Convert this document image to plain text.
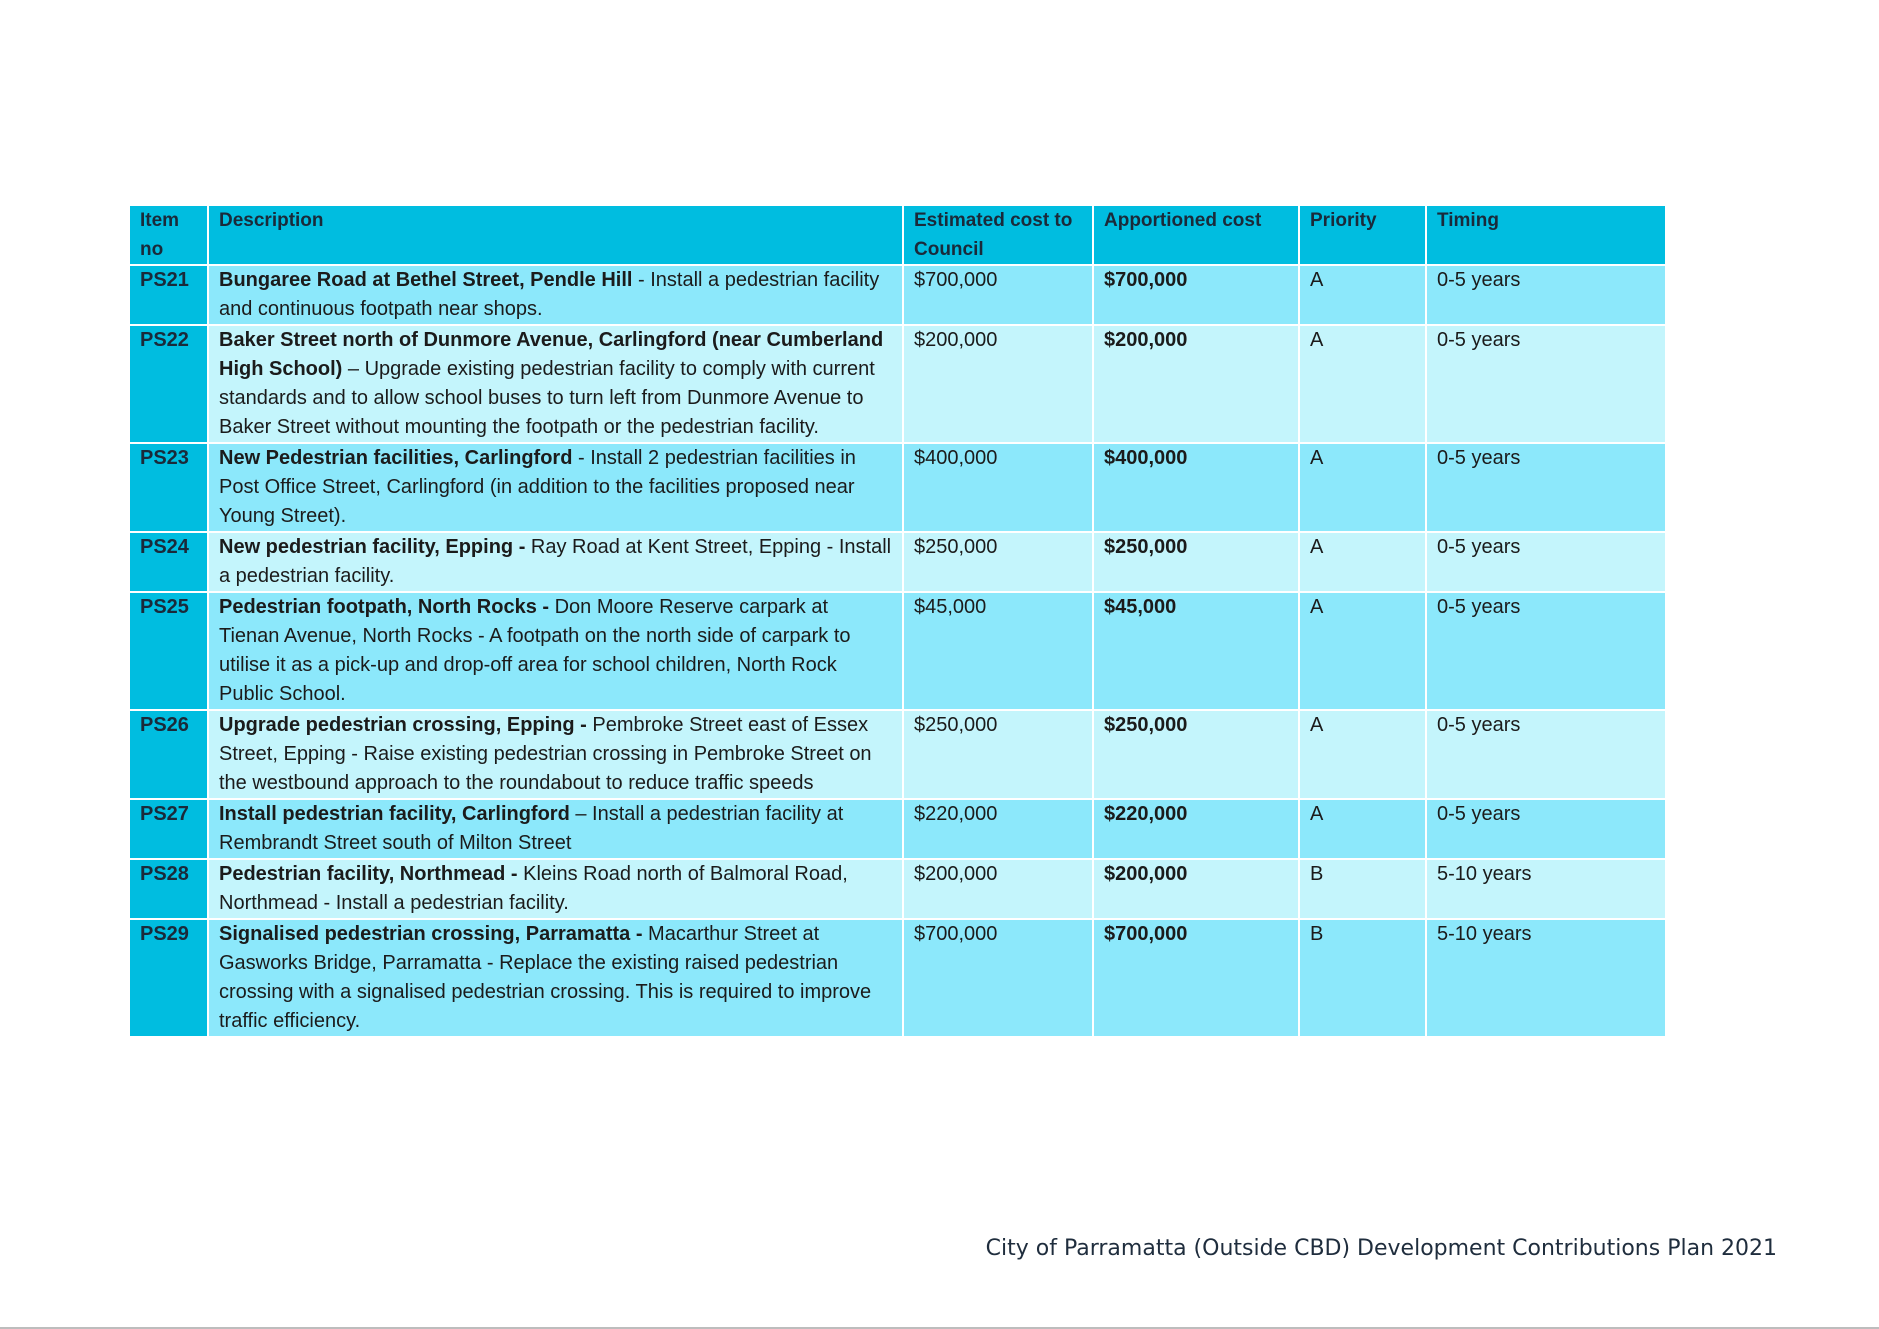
Item no	Description	Estimated cost to Council	Apportioned cost	Priority	Timing
PS21	Bungaree Road at Bethel Street, Pendle Hill - Install a pedestrian facility and continuous footpath near shops.	$700,000	$700,000	A	0-5 years
PS22	Baker Street north of Dunmore Avenue, Carlingford (near Cumberland High School) – Upgrade existing pedestrian facility to comply with current standards and to allow school buses to turn left from Dunmore Avenue to Baker Street without mounting the footpath or the pedestrian facility.	$200,000	$200,000	A	0-5 years
PS23	New Pedestrian facilities, Carlingford - Install 2 pedestrian facilities in Post Office Street, Carlingford (in addition to the facilities proposed near Young Street).	$400,000	$400,000	A	0-5 years
PS24	New pedestrian facility, Epping - Ray Road at Kent Street, Epping - Install a pedestrian facility.	$250,000	$250,000	A	0-5 years
PS25	Pedestrian footpath, North Rocks - Don Moore Reserve carpark at Tienan Avenue, North Rocks - A footpath on the north side of carpark to utilise it as a pick-up and drop-off area for school children, North Rock Public School.	$45,000	$45,000	A	0-5 years
PS26	Upgrade pedestrian crossing, Epping - Pembroke Street east of Essex Street, Epping - Raise existing pedestrian crossing in Pembroke Street on the westbound approach to the roundabout to reduce traffic speeds	$250,000	$250,000	A	0-5 years
PS27	Install pedestrian facility, Carlingford – Install a pedestrian facility at Rembrandt Street south of Milton Street	$220,000	$220,000	A	0-5 years
PS28	Pedestrian facility, Northmead - Kleins Road north of Balmoral Road, Northmead - Install a pedestrian facility.	$200,000	$200,000	B	5-10 years
PS29	Signalised pedestrian crossing, Parramatta - Macarthur Street at Gasworks Bridge, Parramatta - Replace the existing raised pedestrian crossing with a signalised pedestrian crossing. This is required to improve traffic efficiency.	$700,000	$700,000	B	5-10 years
City of Parramatta (Outside CBD) Development Contributions Plan 2021
